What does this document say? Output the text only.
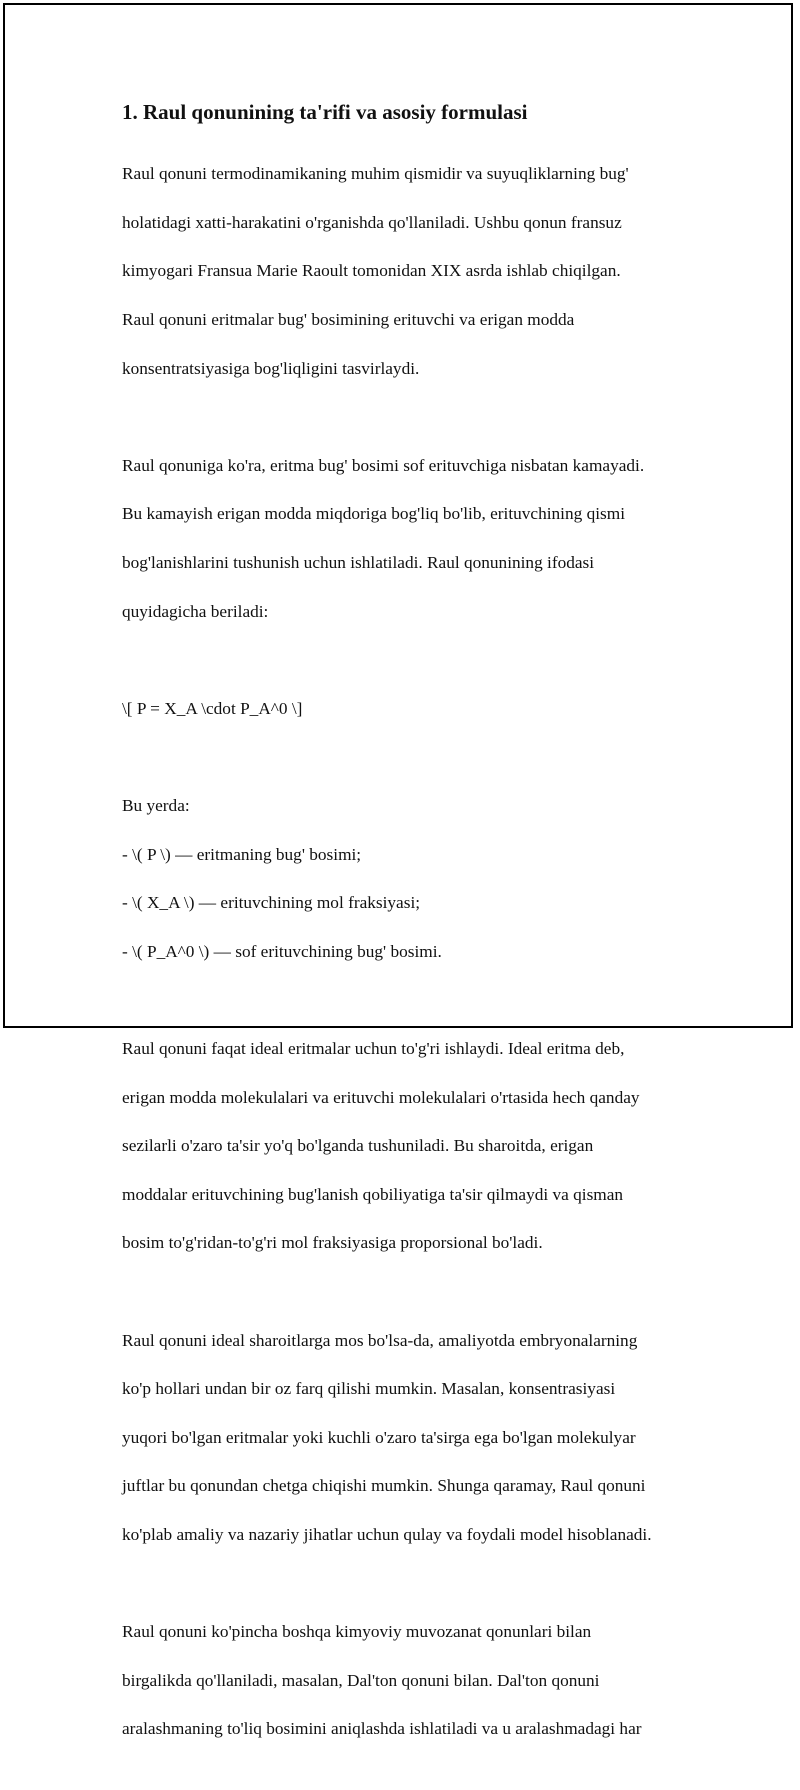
1. Raul qonunining ta'rifi va asosiy formulasi

Raul qonuni termodinamikaning muhim qismidir va suyuqliklarning bug'

holatidagi xatti-harakatini o'rganishda qo'llaniladi. Ushbu qonun fransuz

kimyogari Fransua Marie Raoult tomonidan XIX asrda ishlab chiqilgan.

Raul qonuni eritmalar bug' bosimining erituvchi va erigan modda

konsentratsiyasiga bog'liqligini tasvirlaydi.

Raul qonuniga ko'ra, eritma bug' bosimi sof erituvchiga nisbatan kamayadi.

Bu kamayish erigan modda miqdoriga bog'liq bo'lib, erituvchining qismi

bog'lanishlarini tushunish uchun ishlatiladi. Raul qonunining ifodasi

quyidagicha beriladi:

\[ P = X_A \cdot P_A^0 \]

Bu yerda:

- \( P \) — eritmaning bug' bosimi;

- \( X_A \) — erituvchining mol fraksiyasi;

- \( P_A^0 \) — sof erituvchining bug' bosimi.

Raul qonuni faqat ideal eritmalar uchun to'g'ri ishlaydi. Ideal eritma deb,

erigan modda molekulalari va erituvchi molekulalari o'rtasida hech qanday

sezilarli o'zaro ta'sir yo'q bo'lganda tushuniladi. Bu sharoitda, erigan

moddalar erituvchining bug'lanish qobiliyatiga ta'sir qilmaydi va qisman

bosim to'g'ridan-to'g'ri mol fraksiyasiga proporsional bo'ladi.

Raul qonuni ideal sharoitlarga mos bo'lsa-da, amaliyotda embryonalarning

ko'p hollari undan bir oz farq qilishi mumkin. Masalan, konsentrasiyasi

yuqori bo'lgan eritmalar yoki kuchli o'zaro ta'sirga ega bo'lgan molekulyar

juftlar bu qonundan chetga chiqishi mumkin. Shunga qaramay, Raul qonuni

ko'plab amaliy va nazariy jihatlar uchun qulay va foydali model hisoblanadi.

Raul qonuni ko'pincha boshqa kimyoviy muvozanat qonunlari bilan

birgalikda qo'llaniladi, masalan, Dal'ton qonuni bilan. Dal'ton qonuni

aralashmaning to'liq bosimini aniqlashda ishlatiladi va u aralashmadagi har
